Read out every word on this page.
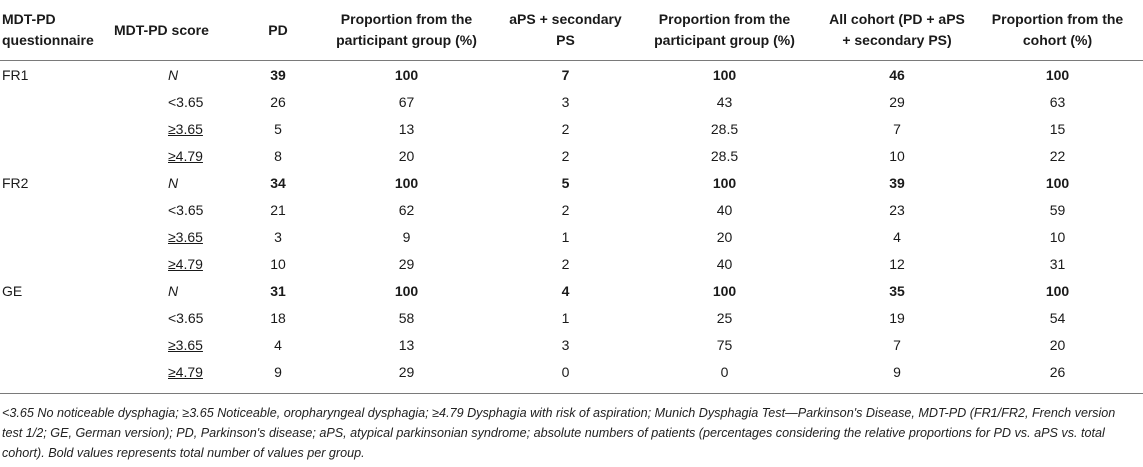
MDT-PD questionnaire	MDT-PD score	PD	Proportion from the participant group (%)	aPS + secondary PS	Proportion from the participant group (%)	All cohort (PD + aPS + secondary PS)	Proportion from the cohort (%)
FR1	N	39	100	7	100	46	100
	<3.65	26	67	3	43	29	63
	≥3.65	5	13	2	28.5	7	15
	≥4.79	8	20	2	28.5	10	22
FR2	N	34	100	5	100	39	100
	<3.65	21	62	2	40	23	59
	≥3.65	3	9	1	20	4	10
	≥4.79	10	29	2	40	12	31
GE	N	31	100	4	100	35	100
	<3.65	18	58	1	25	19	54
	≥3.65	4	13	3	75	7	20
	≥4.79	9	29	0	0	9	26
<3.65 No noticeable dysphagia; ≥3.65 Noticeable, oropharyngeal dysphagia; ≥4.79 Dysphagia with risk of aspiration; Munich Dysphagia Test—Parkinson's Disease, MDT-PD (FR1/FR2, French version test 1/2; GE, German version); PD, Parkinson's disease; aPS, atypical parkinsonian syndrome; absolute numbers of patients (percentages considering the relative proportions for PD vs. aPS vs. total cohort). Bold values represents total number of values per group.
